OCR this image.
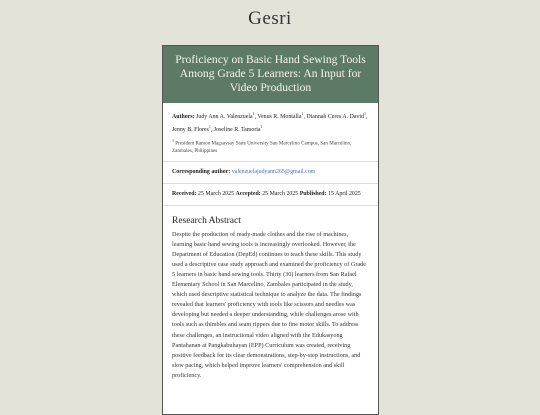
Gesri
Proficiency on Basic Hand Sewing Tools Among Grade 5 Learners: An Input for Video Production
Authors: Judy Ann A. Valenzuela$^1$, Venus R. Montalla$^1$, Diannah Ceres A. David$^1$, Jenny B. Flores$^1$, Joseline R. Tamoria$^1$
$^1$ President Ramon Magsaysay State University San Marcelino Campus, San Marcelino, Zambales, Philippines
Corresponding author: valenzuelajudyann265@gmail.com
Received: 25 March 2025 Accepted: 25 March 2025 Published: 15 April 2025
Research Abstract
Despite the production of ready-made clothes and the rise of machines, learning basic hand sewing tools is increasingly overlooked. However, the Department of Education (DepEd) continues to teach these skills. This study used a descriptive case study approach and examined the proficiency of Grade 5 learners in basic hand sewing tools. Thirty (30) learners from San Rafael Elementary School in San Marcelino, Zambales participated in the study, which used descriptive statistical technique to analyze the data. The findings revealed that learners' proficiency with tools like scissors and needles was developing but needed a deeper understanding, while challenges arose with tools such as thimbles and seam rippers due to fine motor skills. To address these challenges, an instructional video aligned with the Edukasyong Pantahanan at Pangkabuhayan (EPP) Curriculum was created, receiving positive feedback for its clear demonstrations, step-by-step instructions, and slow pacing, which helped improve learners' comprehension and skill proficiency.
